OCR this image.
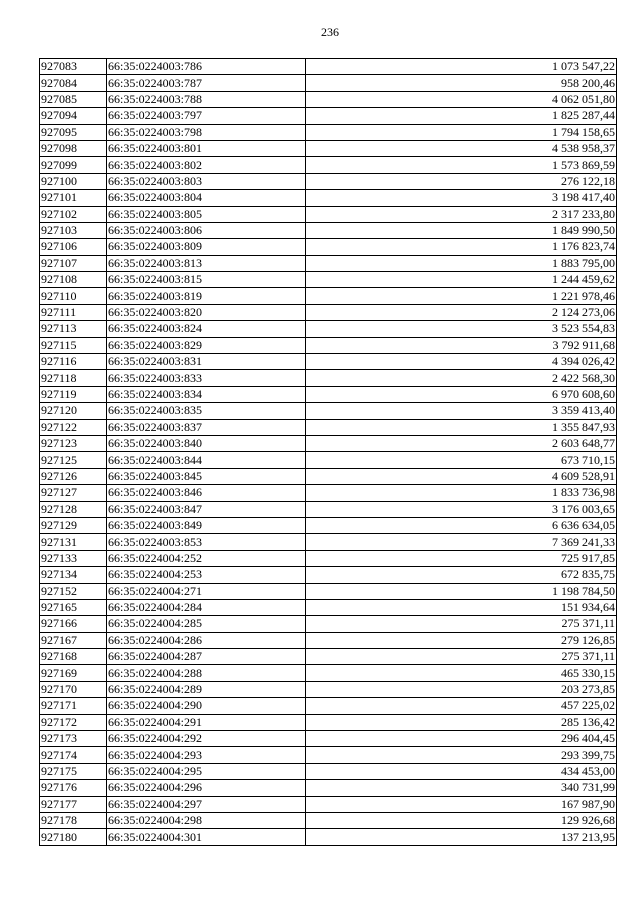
236
927083	66:35:0224003:786	1 073 547,22
927084	66:35:0224003:787	958 200,46
927085	66:35:0224003:788	4 062 051,80
927094	66:35:0224003:797	1 825 287,44
927095	66:35:0224003:798	1 794 158,65
927098	66:35:0224003:801	4 538 958,37
927099	66:35:0224003:802	1 573 869,59
927100	66:35:0224003:803	276 122,18
927101	66:35:0224003:804	3 198 417,40
927102	66:35:0224003:805	2 317 233,80
927103	66:35:0224003:806	1 849 990,50
927106	66:35:0224003:809	1 176 823,74
927107	66:35:0224003:813	1 883 795,00
927108	66:35:0224003:815	1 244 459,62
927110	66:35:0224003:819	1 221 978,46
927111	66:35:0224003:820	2 124 273,06
927113	66:35:0224003:824	3 523 554,83
927115	66:35:0224003:829	3 792 911,68
927116	66:35:0224003:831	4 394 026,42
927118	66:35:0224003:833	2 422 568,30
927119	66:35:0224003:834	6 970 608,60
927120	66:35:0224003:835	3 359 413,40
927122	66:35:0224003:837	1 355 847,93
927123	66:35:0224003:840	2 603 648,77
927125	66:35:0224003:844	673 710,15
927126	66:35:0224003:845	4 609 528,91
927127	66:35:0224003:846	1 833 736,98
927128	66:35:0224003:847	3 176 003,65
927129	66:35:0224003:849	6 636 634,05
927131	66:35:0224003:853	7 369 241,33
927133	66:35:0224004:252	725 917,85
927134	66:35:0224004:253	672 835,75
927152	66:35:0224004:271	1 198 784,50
927165	66:35:0224004:284	151 934,64
927166	66:35:0224004:285	275 371,11
927167	66:35:0224004:286	279 126,85
927168	66:35:0224004:287	275 371,11
927169	66:35:0224004:288	465 330,15
927170	66:35:0224004:289	203 273,85
927171	66:35:0224004:290	457 225,02
927172	66:35:0224004:291	285 136,42
927173	66:35:0224004:292	296 404,45
927174	66:35:0224004:293	293 399,75
927175	66:35:0224004:295	434 453,00
927176	66:35:0224004:296	340 731,99
927177	66:35:0224004:297	167 987,90
927178	66:35:0224004:298	129 926,68
927180	66:35:0224004:301	137 213,95
